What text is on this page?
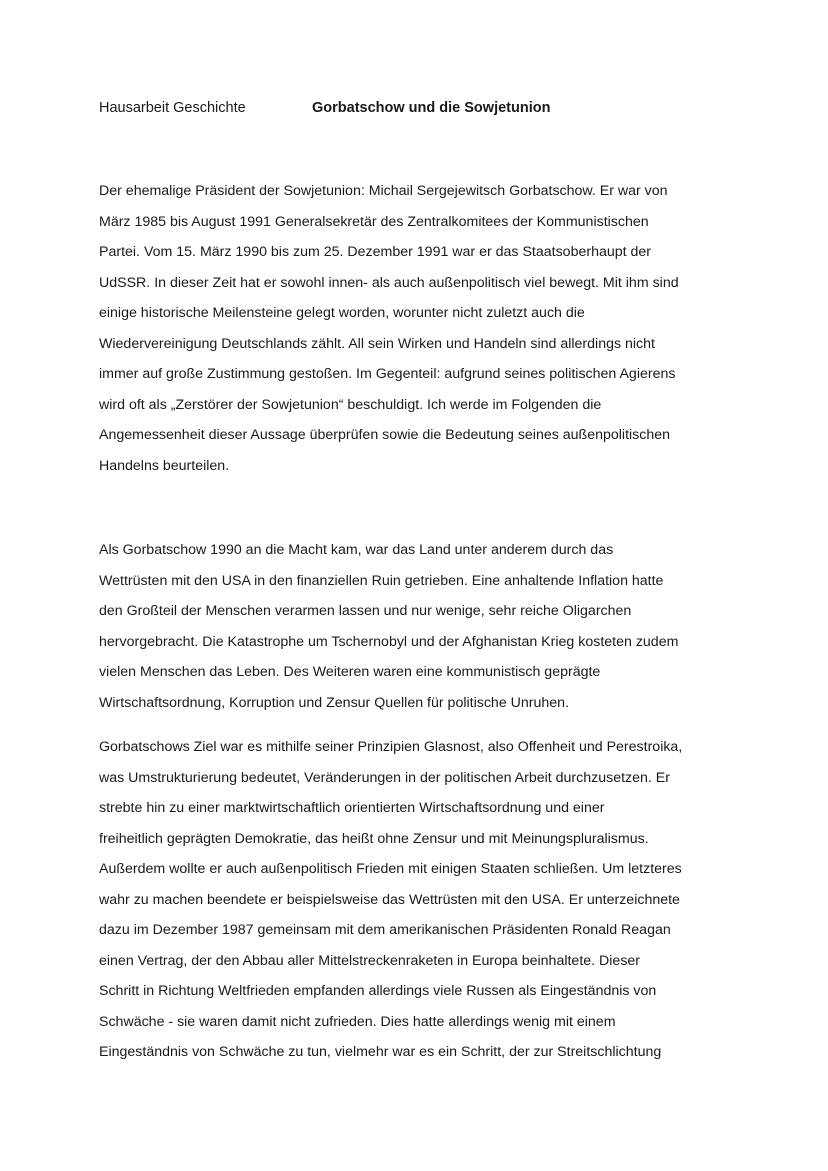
Hausarbeit Geschichte	Gorbatschow und die Sowjetunion
Der ehemalige Präsident der Sowjetunion: Michail Sergejewitsch Gorbatschow. Er war von
März 1985 bis August 1991 Generalsekretär des Zentralkomitees der Kommunistischen
Partei. Vom 15. März 1990 bis zum 25. Dezember 1991 war er das Staatsoberhaupt der
UdSSR. In dieser Zeit hat er sowohl innen- als auch außenpolitisch viel bewegt. Mit ihm sind
einige historische Meilensteine gelegt worden, worunter nicht zuletzt auch die
Wiedervereinigung Deutschlands zählt. All sein Wirken und Handeln sind allerdings nicht
immer auf große Zustimmung gestoßen. Im Gegenteil: aufgrund seines politischen Agierens
wird oft als „Zerstörer der Sowjetunion“ beschuldigt. Ich werde im Folgenden die
Angemessenheit dieser Aussage überprüfen sowie die Bedeutung seines außenpolitischen
Handelns beurteilen.
Als Gorbatschow 1990 an die Macht kam, war das Land unter anderem durch das
Wettrüsten mit den USA in den finanziellen Ruin getrieben. Eine anhaltende Inflation hatte
den Großteil der Menschen verarmen lassen und nur wenige, sehr reiche Oligarchen
hervorgebracht. Die Katastrophe um Tschernobyl und der Afghanistan Krieg kosteten zudem
vielen Menschen das Leben. Des Weiteren waren eine kommunistisch geprägte
Wirtschaftsordnung, Korruption und Zensur Quellen für politische Unruhen.
Gorbatschows Ziel war es mithilfe seiner Prinzipien Glasnost, also Offenheit und Perestroika,
was Umstrukturierung bedeutet, Veränderungen in der politischen Arbeit durchzusetzen. Er
strebte hin zu einer marktwirtschaftlich orientierten Wirtschaftsordnung und einer
freiheitlich geprägten Demokratie, das heißt ohne Zensur und mit Meinungspluralismus.
Außerdem wollte er auch außenpolitisch Frieden mit einigen Staaten schließen. Um letzteres
wahr zu machen beendete er beispielsweise das Wettrüsten mit den USA. Er unterzeichnete
dazu im Dezember 1987 gemeinsam mit dem amerikanischen Präsidenten Ronald Reagan
einen Vertrag, der den Abbau aller Mittelstreckenraketen in Europa beinhaltete. Dieser
Schritt in Richtung Weltfrieden empfanden allerdings viele Russen als Eingeständnis von
Schwäche - sie waren damit nicht zufrieden. Dies hatte allerdings wenig mit einem
Eingeständnis von Schwäche zu tun, vielmehr war es ein Schritt, der zur Streitschlichtung
